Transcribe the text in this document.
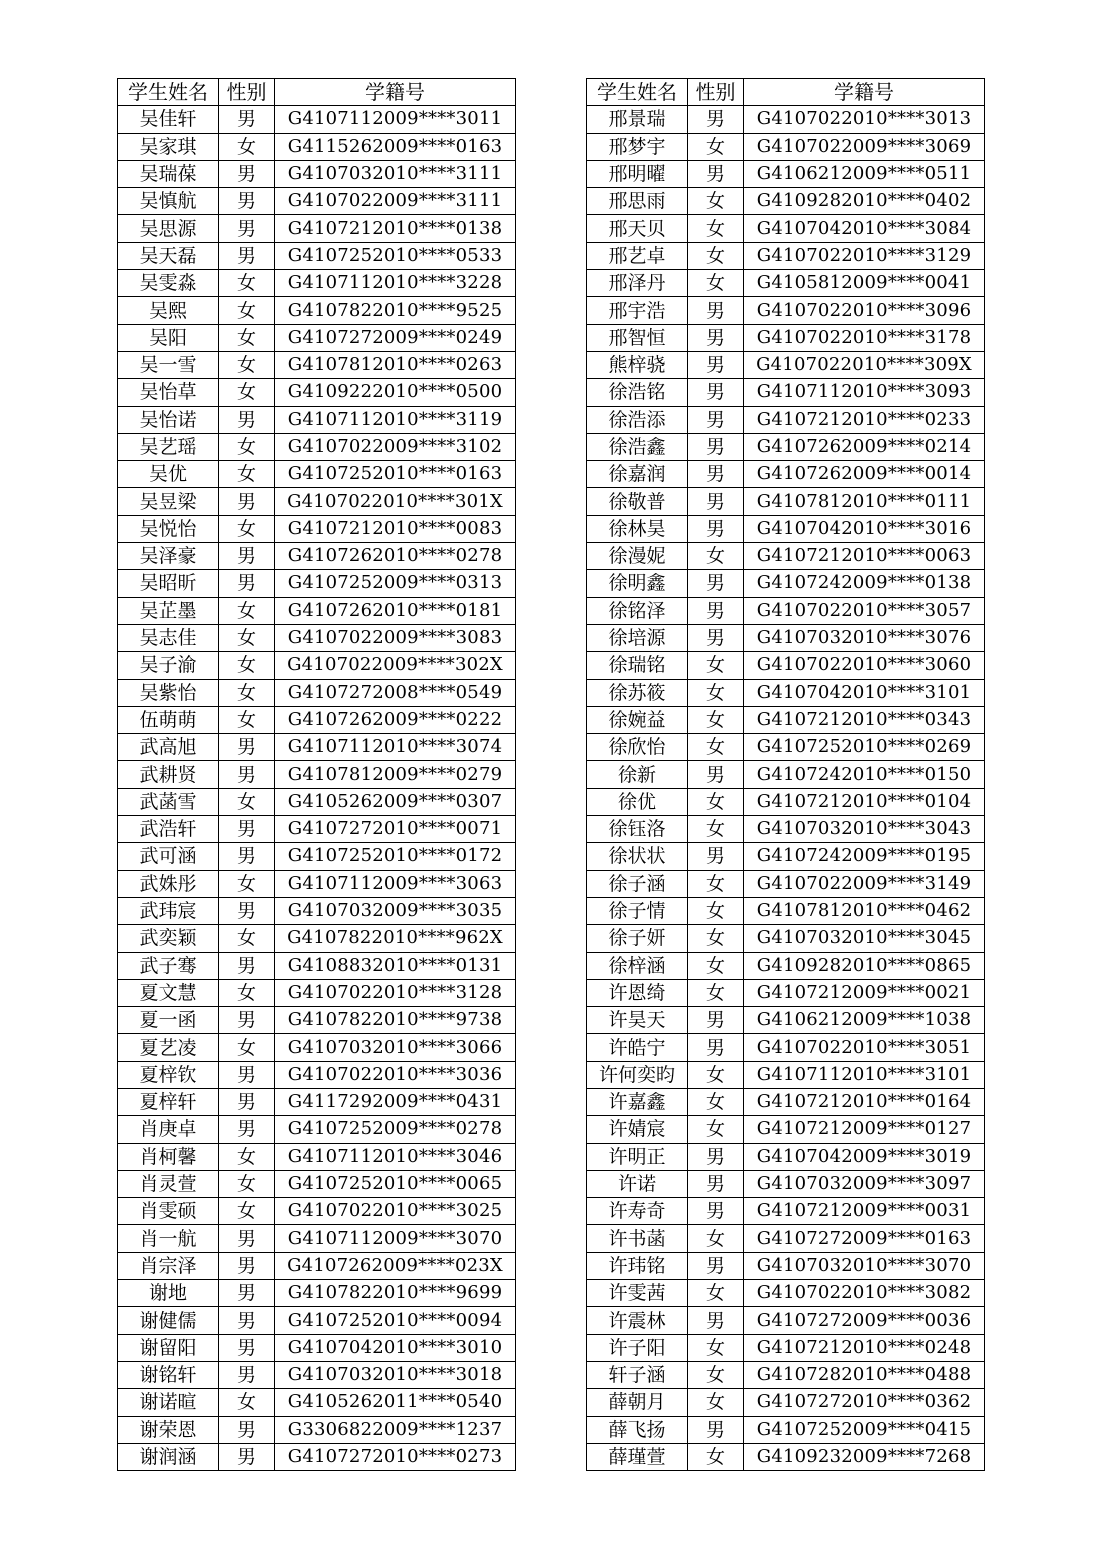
学生姓名	性别	学籍号
吴佳轩	男	G4107112009****3011
吴家琪	女	G4115262009****0163
吴瑞葆	男	G4107032010****3111
吴慎航	男	G4107022009****3111
吴思源	男	G4107212010****0138
吴天磊	男	G4107252010****0533
吴雯淼	女	G4107112010****3228
吴熙	女	G4107822010****9525
吴阳	女	G4107272009****0249
吴一雪	女	G4107812010****0263
吴怡草	女	G4109222010****0500
吴怡诺	男	G4107112010****3119
吴艺瑶	女	G4107022009****3102
吴优	女	G4107252010****0163
吴昱梁	男	G4107022010****301X
吴悦怡	女	G4107212010****0083
吴泽豪	男	G4107262010****0278
吴昭昕	男	G4107252009****0313
吴芷墨	女	G4107262010****0181
吴志佳	女	G4107022009****3083
吴子渝	女	G4107022009****302X
吴紫怡	女	G4107272008****0549
伍萌萌	女	G4107262009****0222
武高旭	男	G4107112010****3074
武耕贤	男	G4107812009****0279
武菡雪	女	G4105262009****0307
武浩轩	男	G4107272010****0071
武可涵	男	G4107252010****0172
武姝彤	女	G4107112009****3063
武玮宸	男	G4107032009****3035
武奕颖	女	G4107822010****962X
武子骞	男	G4108832010****0131
夏文慧	女	G4107022010****3128
夏一函	男	G4107822010****9738
夏艺凌	女	G4107032010****3066
夏梓钦	男	G4107022010****3036
夏梓轩	男	G4117292009****0431
肖庚卓	男	G4107252009****0278
肖柯馨	女	G4107112010****3046
肖灵萱	女	G4107252010****0065
肖雯硕	女	G4107022010****3025
肖一航	男	G4107112009****3070
肖宗泽	男	G4107262009****023X
谢地	男	G4107822010****9699
谢健儒	男	G4107252010****0094
谢留阳	男	G4107042010****3010
谢铭轩	男	G4107032010****3018
谢诺暄	女	G4105262011****0540
谢荣恩	男	G3306822009****1237
谢润涵	男	G4107272010****0273
学生姓名	性别	学籍号
邢景瑞	男	G4107022010****3013
邢梦宇	女	G4107022009****3069
邢明曜	男	G4106212009****0511
邢思雨	女	G4109282010****0402
邢天贝	女	G4107042010****3084
邢艺卓	女	G4107022010****3129
邢泽丹	女	G4105812009****0041
邢宇浩	男	G4107022010****3096
邢智恒	男	G4107022010****3178
熊梓骁	男	G4107022010****309X
徐浩铭	男	G4107112010****3093
徐浩添	男	G4107212010****0233
徐浩鑫	男	G4107262009****0214
徐嘉润	男	G4107262009****0014
徐敬普	男	G4107812010****0111
徐林昊	男	G4107042010****3016
徐漫妮	女	G4107212010****0063
徐明鑫	男	G4107242009****0138
徐铭泽	男	G4107022010****3057
徐培源	男	G4107032010****3076
徐瑞铭	女	G4107022010****3060
徐苏筱	女	G4107042010****3101
徐婉益	女	G4107212010****0343
徐欣怡	女	G4107252010****0269
徐新	男	G4107242010****0150
徐优	女	G4107212010****0104
徐钰洛	女	G4107032010****3043
徐状状	男	G4107242009****0195
徐子涵	女	G4107022009****3149
徐子情	女	G4107812010****0462
徐子妍	女	G4107032010****3045
徐梓涵	女	G4109282010****0865
许恩绮	女	G4107212009****0021
许昊天	男	G4106212009****1038
许皓宁	男	G4107022010****3051
许何奕昀	女	G4107112010****3101
许嘉鑫	女	G4107212010****0164
许婧宸	女	G4107212009****0127
许明正	男	G4107042009****3019
许诺	男	G4107032009****3097
许寿奇	男	G4107212009****0031
许书菡	女	G4107272009****0163
许玮铭	男	G4107032010****3070
许雯茜	女	G4107022010****3082
许震林	男	G4107272009****0036
许子阳	女	G4107212010****0248
轩子涵	女	G4107282010****0488
薛朝月	女	G4107272010****0362
薛飞扬	男	G4107252009****0415
薛瑾萱	女	G4109232009****7268
